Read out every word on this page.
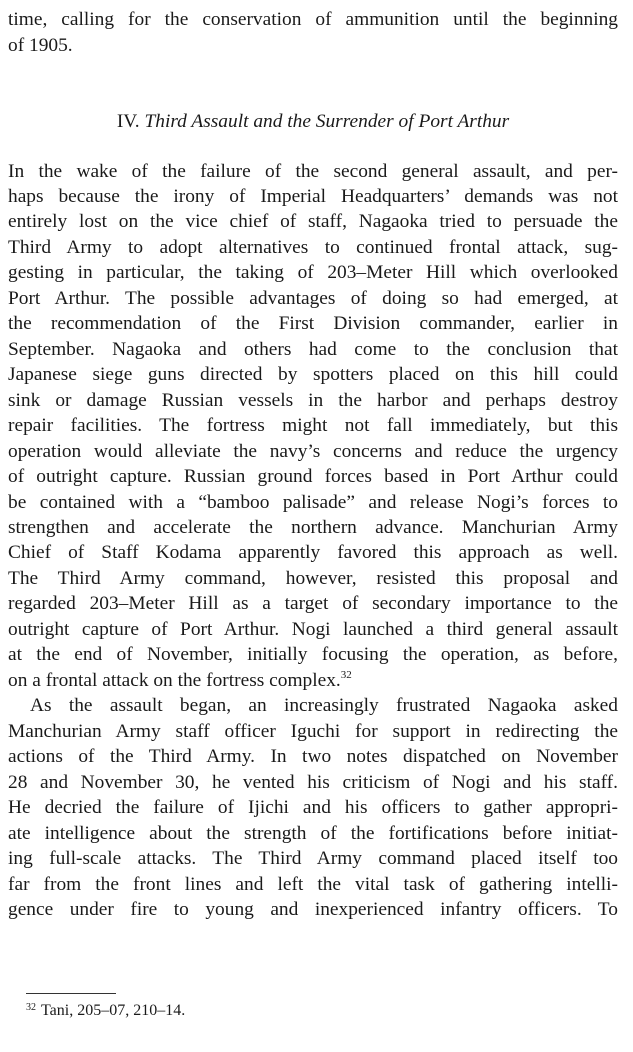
time, calling for the conservation of ammunition until the beginning
of 1905.
IV. Third Assault and the Surrender of Port Arthur
In the wake of the failure of the second general assault, and per-
haps because the irony of Imperial Headquarters’ demands was not
entirely lost on the vice chief of staff, Nagaoka tried to persuade the
Third Army to adopt alternatives to continued frontal attack, sug-
gesting in particular, the taking of 203–Meter Hill which overlooked
Port Arthur. The possible advantages of doing so had emerged, at
the recommendation of the First Division commander, earlier in
September. Nagaoka and others had come to the conclusion that
Japanese siege guns directed by spotters placed on this hill could
sink or damage Russian vessels in the harbor and perhaps destroy
repair facilities. The fortress might not fall immediately, but this
operation would alleviate the navy’s concerns and reduce the urgency
of outright capture. Russian ground forces based in Port Arthur could
be contained with a “bamboo palisade” and release Nogi’s forces to
strengthen and accelerate the northern advance. Manchurian Army
Chief of Staff Kodama apparently favored this approach as well.
The Third Army command, however, resisted this proposal and
regarded 203–Meter Hill as a target of secondary importance to the
outright capture of Port Arthur. Nogi launched a third general assault
at the end of November, initially focusing the operation, as before,
on a frontal attack on the fortress complex.$^{32}$
As the assault began, an increasingly frustrated Nagaoka asked
Manchurian Army staff officer Iguchi for support in redirecting the
actions of the Third Army. In two notes dispatched on November
28 and November 30, he vented his criticism of Nogi and his staff.
He decried the failure of Ijichi and his officers to gather appropri-
ate intelligence about the strength of the fortifications before initiat-
ing full-scale attacks. The Third Army command placed itself too
far from the front lines and left the vital task of gathering intelli-
gence under fire to young and inexperienced infantry officers. To
$^{32}$ Tani, 205–07, 210–14.
